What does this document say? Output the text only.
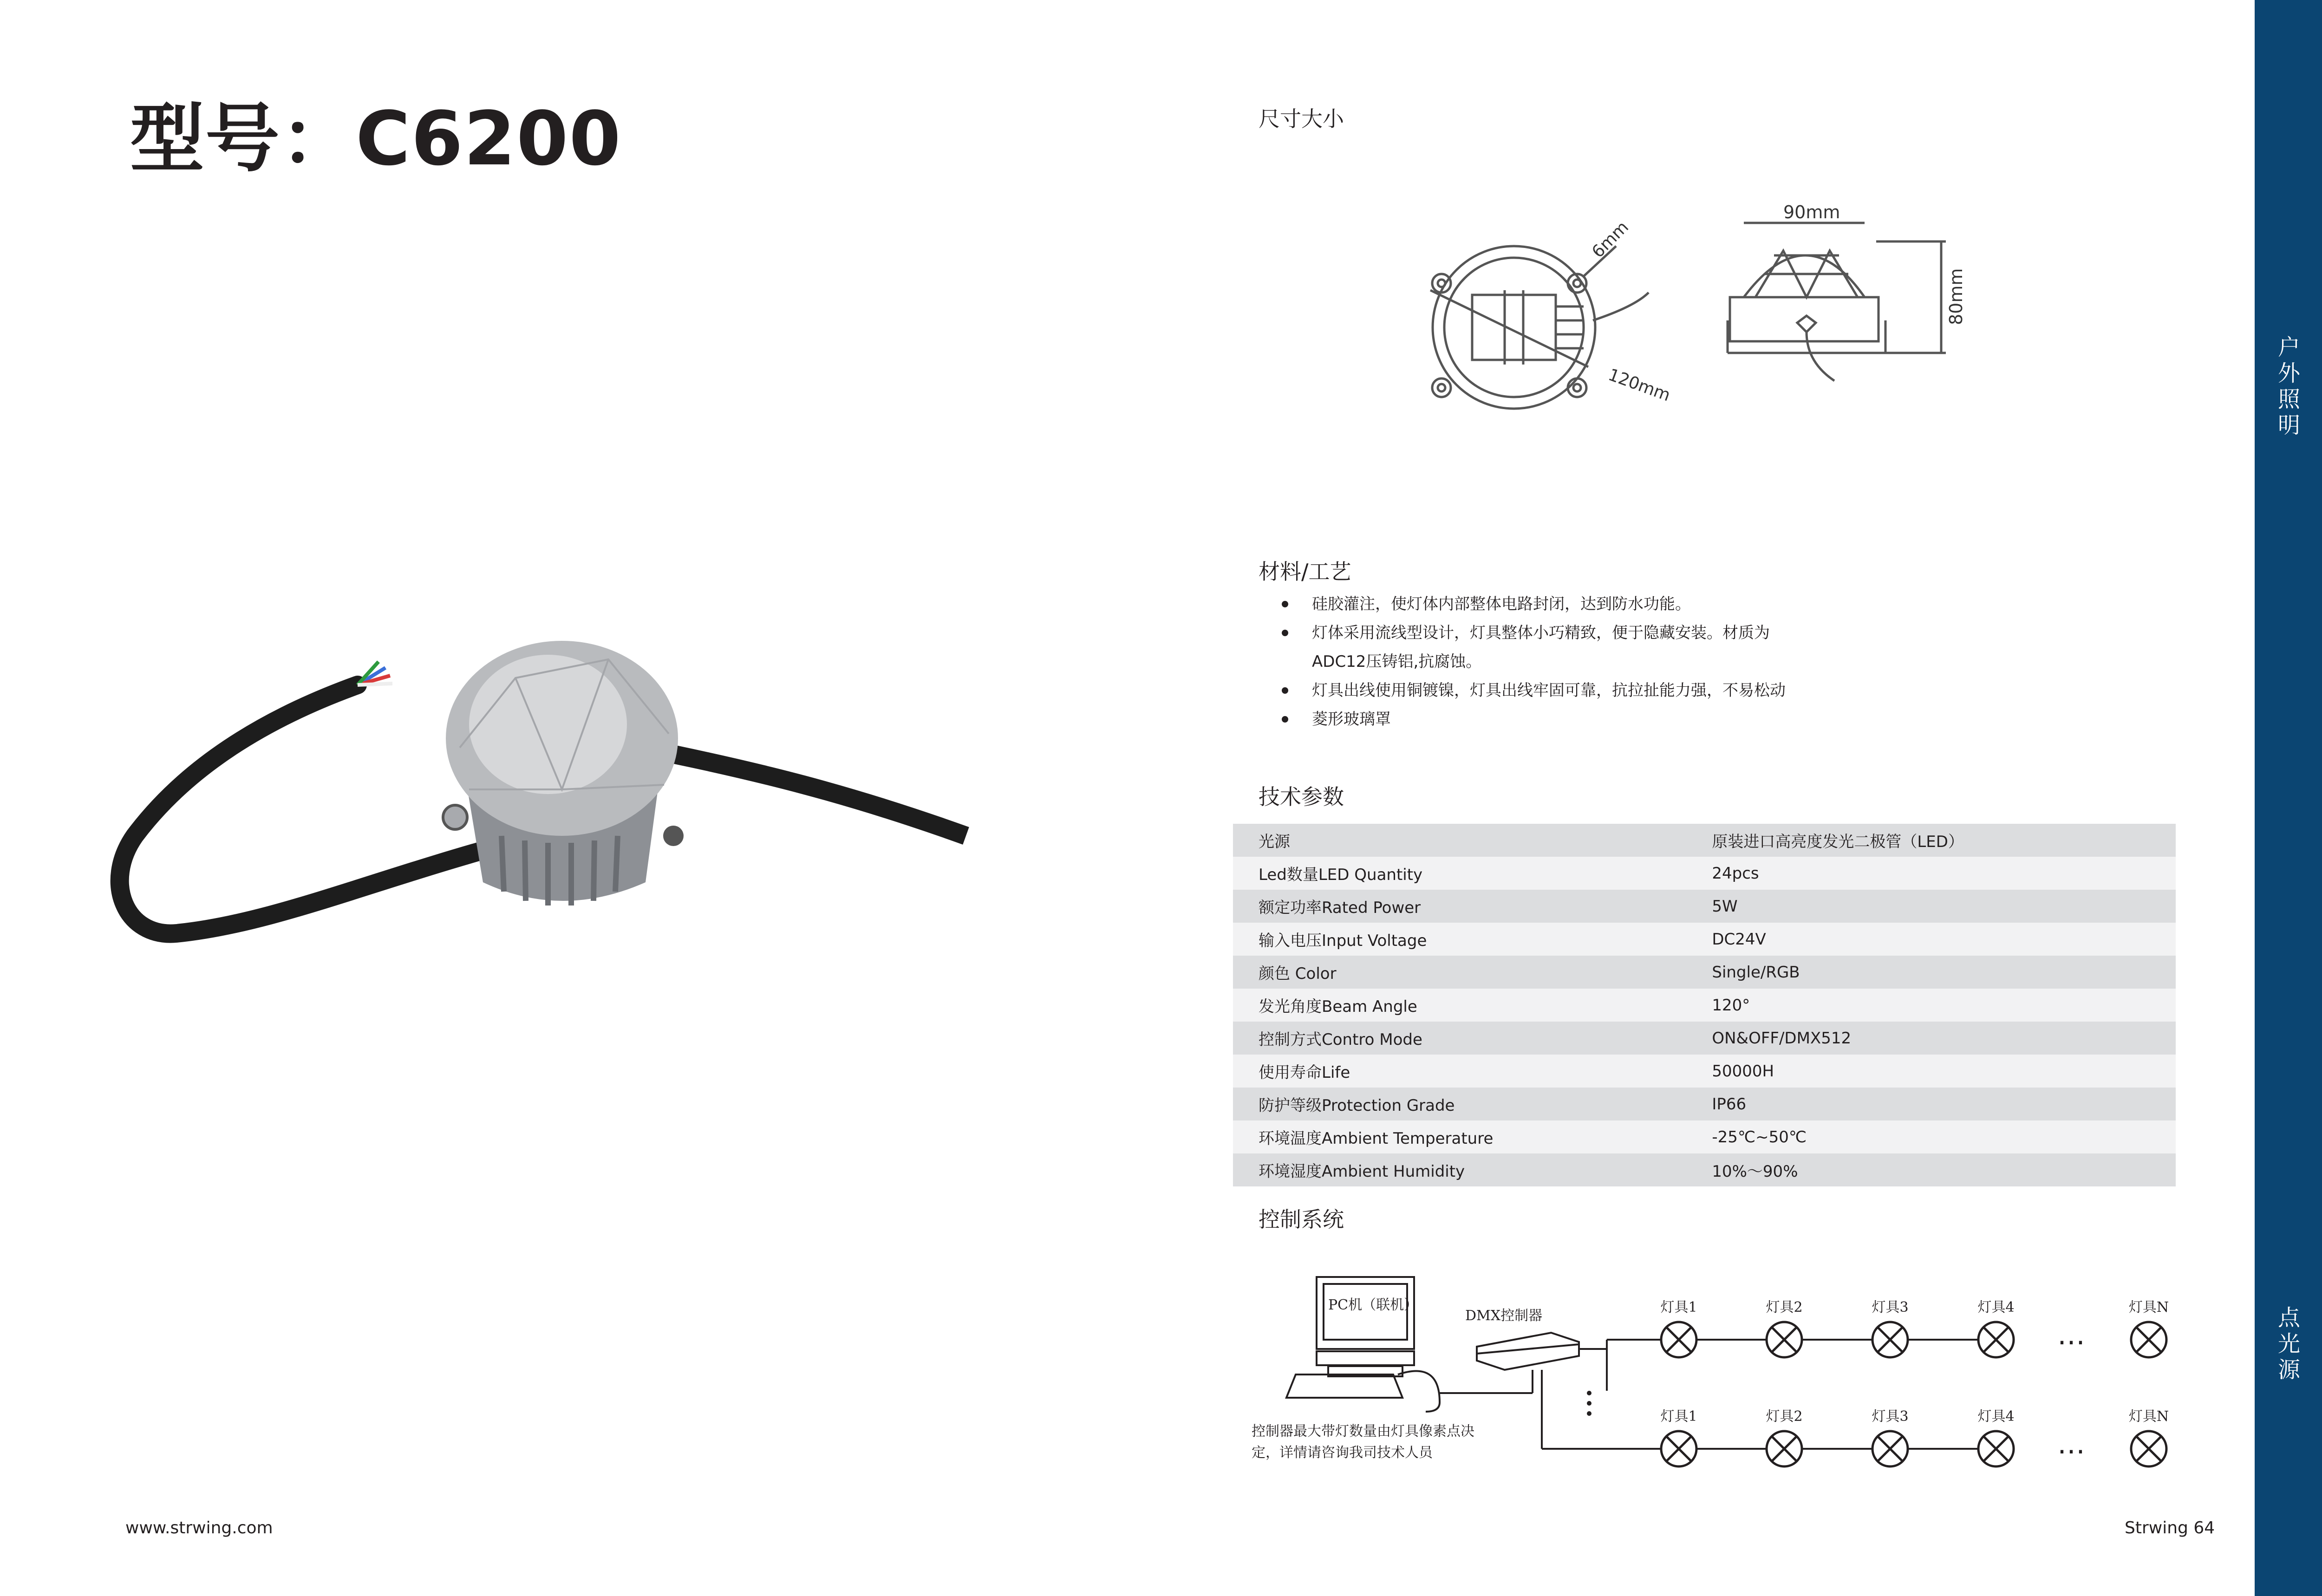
型号：C6200	尺寸大小
6mm
120mm
90mm
80mm
材料/工艺
硅胶灌注，使灯体内部整体电路封闭，达到防水功能。
灯体采用流线型设计，灯具整体小巧精致，便于隐藏安装。材质为
ADC12压铸铝,抗腐蚀。
灯具出线使用铜镀镍，灯具出线牢固可靠，抗拉扯能力强，不易松动
菱形玻璃罩
技术参数
光源	原装进口高亮度发光二极管（LED）
Led数量LED Quantity	24pcs
额定功率Rated Power	5W
输入电压Input Voltage	DC24V
颜色 Color	Single/RGB
发光角度Beam Angle	120°
控制方式Contro Mode	ON&OFF/DMX512
使用寿命Life	50000H
防护等级Protection Grade	IP66
环境温度Ambient Temperature	-25℃~50℃
环境湿度Ambient Humidity	10%～90%
控制系统
PC机（联机）
DMX控制器
灯具1	灯具2	灯具3	灯具4	灯具N
…
灯具1	灯具2	灯具3	灯具4	灯具N
…
控制器最大带灯数量由灯具像素点决
定，详情请咨询我司技术人员
www.strwing.com	Strwing 64
户外照明
点光源
